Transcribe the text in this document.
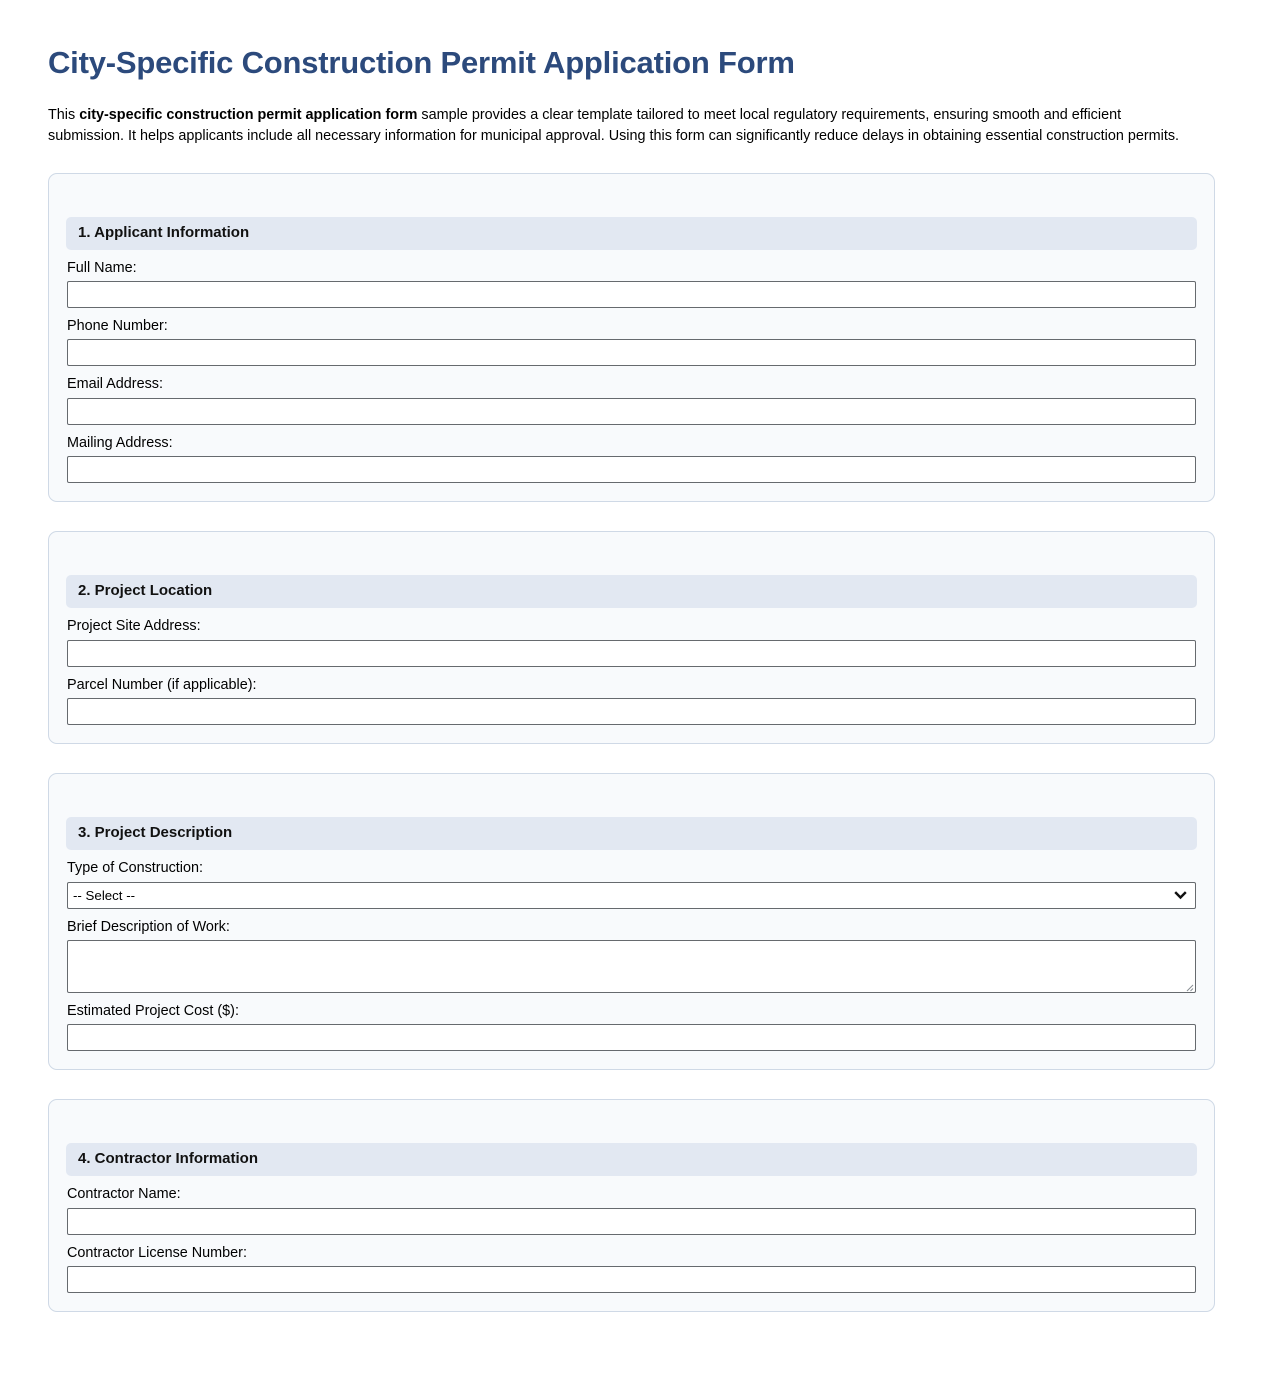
City-Specific Construction Permit Application Form

This city-specific construction permit application form sample provides a clear template tailored to meet local regulatory requirements, ensuring smooth and efficient submission. It helps applicants include all necessary information for municipal approval. Using this form can significantly reduce delays in obtaining essential construction permits.

1. Applicant Information
Full Name:
Phone Number:
Email Address:
Mailing Address:
2. Project Location
Project Site Address:
Parcel Number (if applicable):
3. Project Description
Type of Construction:
-- Select --
Brief Description of Work:
Estimated Project Cost ($):
4. Contractor Information
Contractor Name:
Contractor License Number:
